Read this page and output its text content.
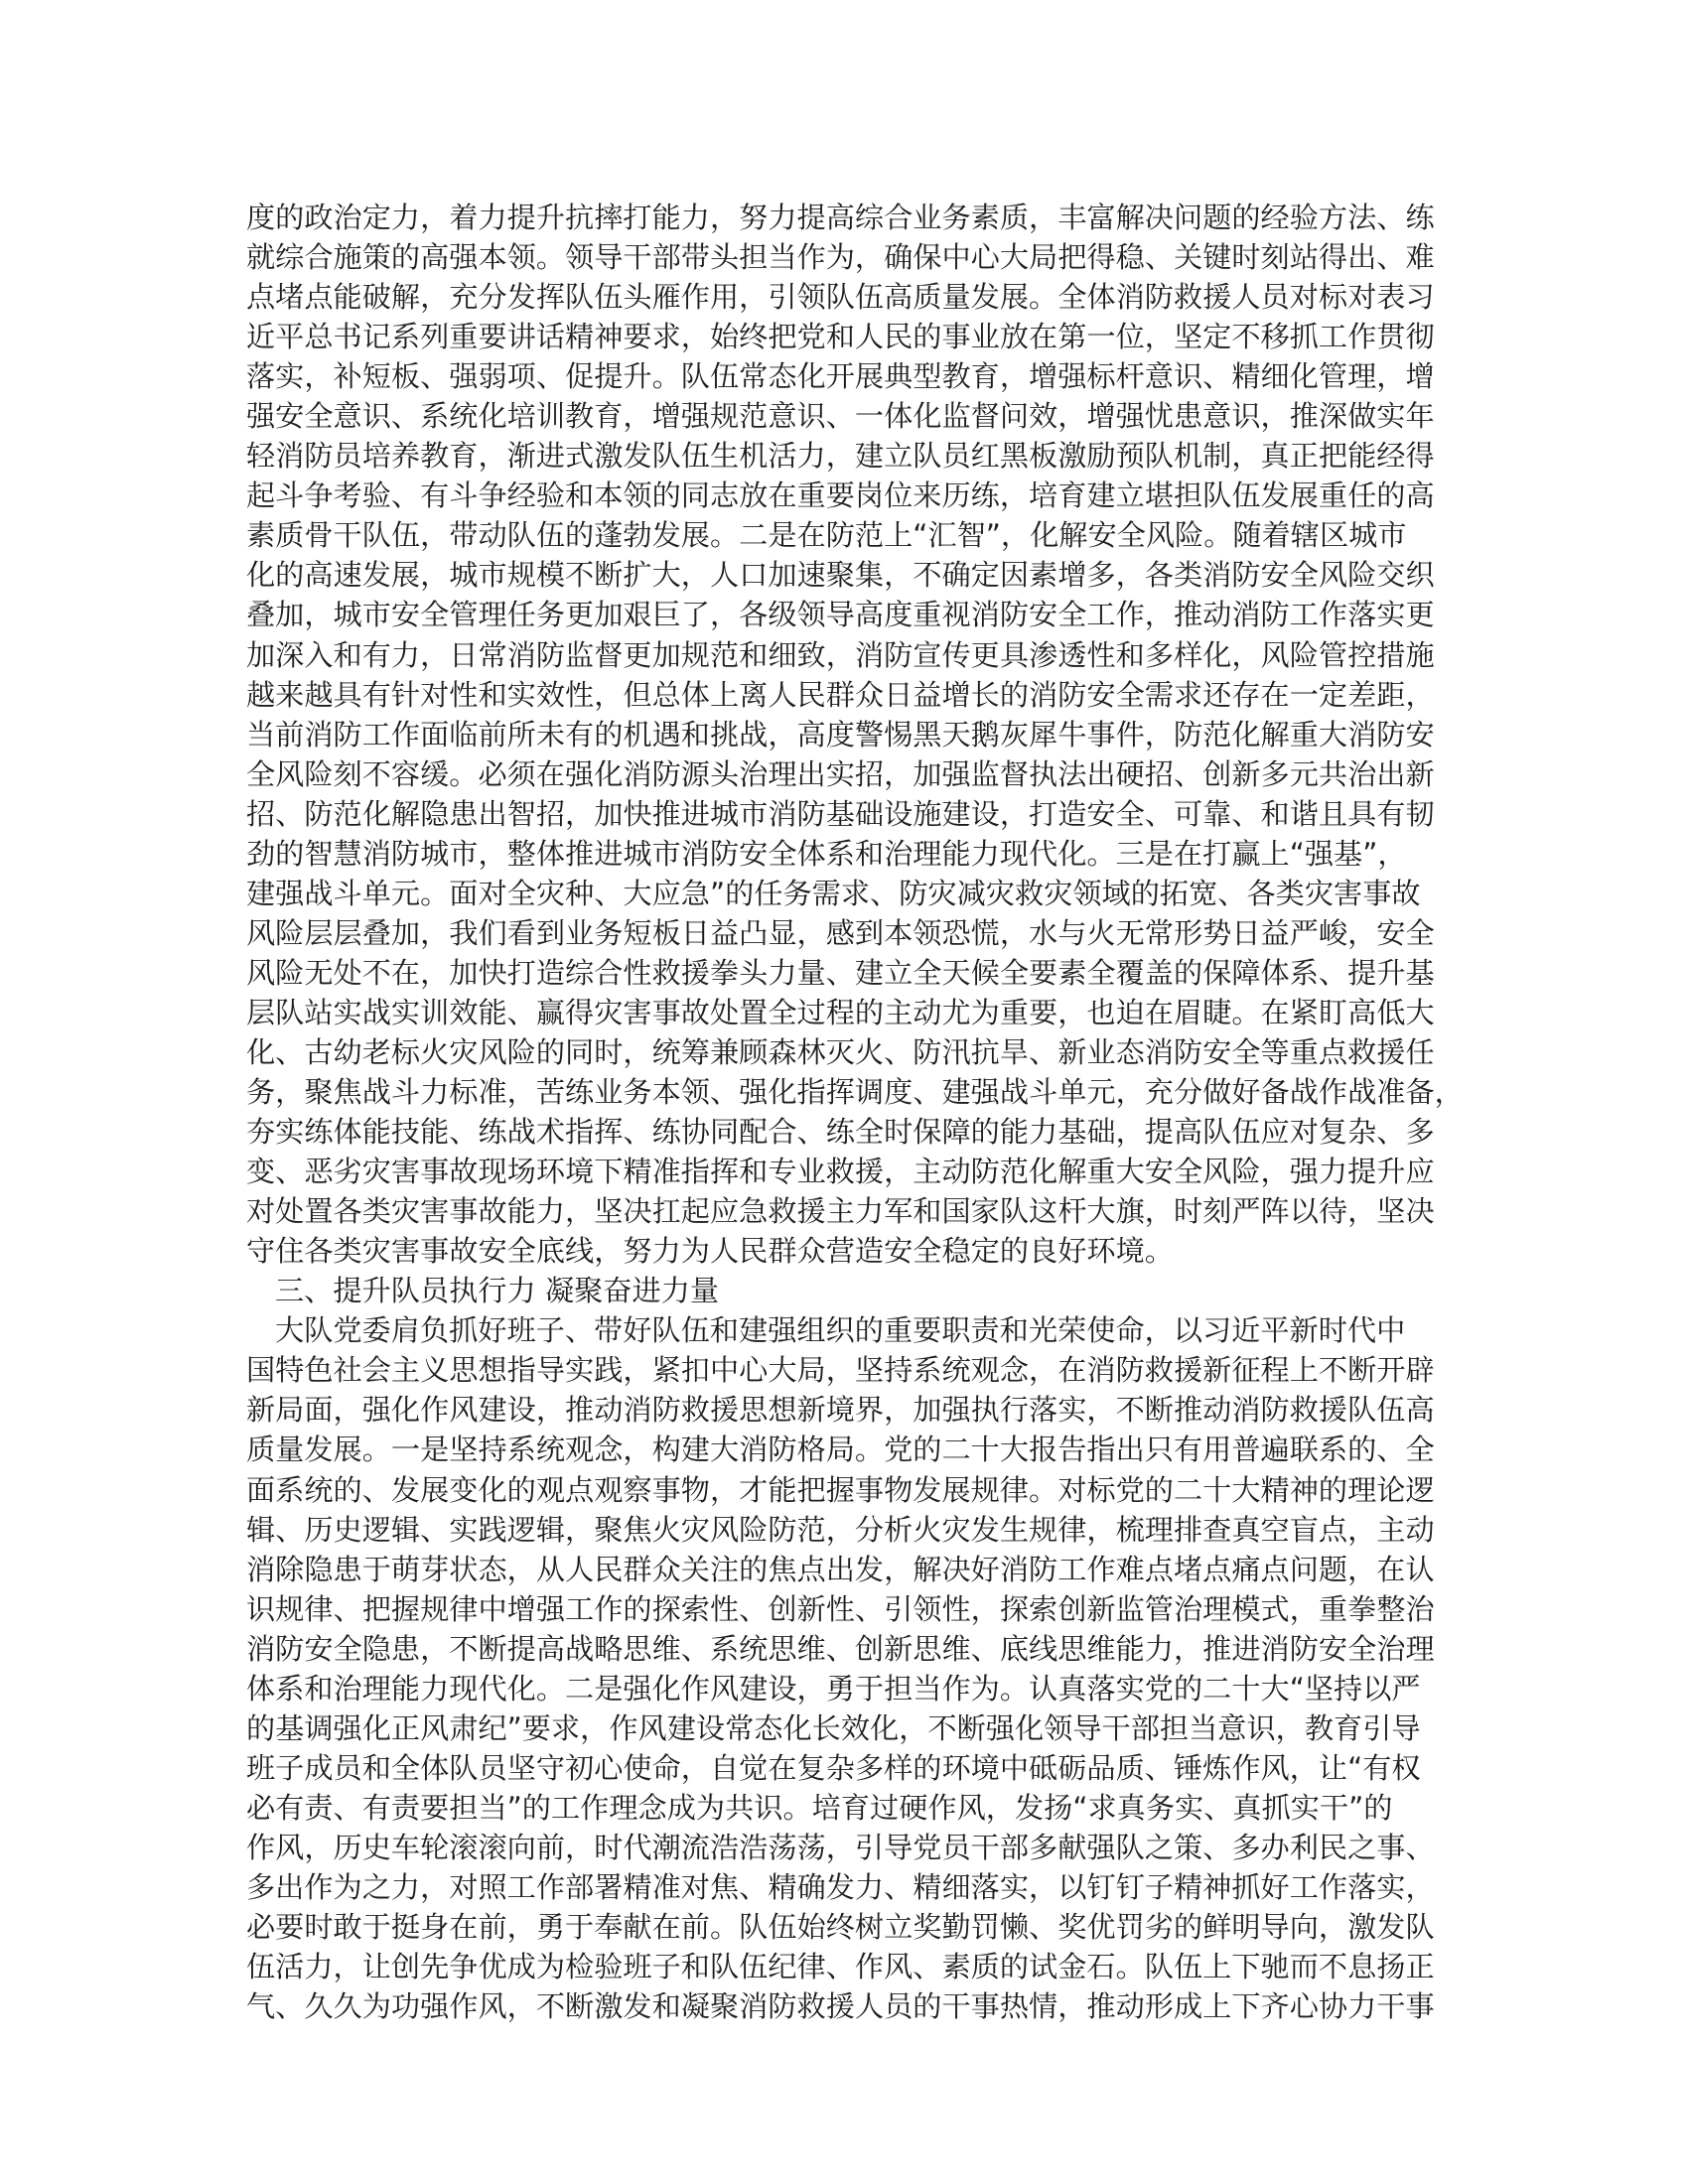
度的政治定力，着力提升抗摔打能力，努力提高综合业务素质，丰富解决问题的经验方法、练
就综合施策的高强本领。领导干部带头担当作为，确保中心大局把得稳、关键时刻站得出、难
点堵点能破解，充分发挥队伍头雁作用，引领队伍高质量发展。全体消防救援人员对标对表习
近平总书记系列重要讲话精神要求，始终把党和人民的事业放在第一位，坚定不移抓工作贯彻
落实，补短板、强弱项、促提升。队伍常态化开展典型教育，增强标杆意识、精细化管理，增
强安全意识、系统化培训教育，增强规范意识、一体化监督问效，增强忧患意识，推深做实年
轻消防员培养教育，渐进式激发队伍生机活力，建立队员红黑板激励预队机制，真正把能经得
起斗争考验、有斗争经验和本领的同志放在重要岗位来历练，培育建立堪担队伍发展重任的高
素质骨干队伍，带动队伍的蓬勃发展。二是在防范上“汇智”，化解安全风险。随着辖区城市
化的高速发展，城市规模不断扩大，人口加速聚集，不确定因素增多，各类消防安全风险交织
叠加，城市安全管理任务更加艰巨了，各级领导高度重视消防安全工作，推动消防工作落实更
加深入和有力，日常消防监督更加规范和细致，消防宣传更具渗透性和多样化，风险管控措施
越来越具有针对性和实效性，但总体上离人民群众日益增长的消防安全需求还存在一定差距，
当前消防工作面临前所未有的机遇和挑战，高度警惕黑天鹅灰犀牛事件，防范化解重大消防安
全风险刻不容缓。必须在强化消防源头治理出实招，加强监督执法出硬招、创新多元共治出新
招、防范化解隐患出智招，加快推进城市消防基础设施建设，打造安全、可靠、和谐且具有韧
劲的智慧消防城市，整体推进城市消防安全体系和治理能力现代化。三是在打赢上“强基”，
建强战斗单元。面对全灾种、大应急”的任务需求、防灾减灾救灾领域的拓宽、各类灾害事故
风险层层叠加，我们看到业务短板日益凸显，感到本领恐慌，水与火无常形势日益严峻，安全
风险无处不在，加快打造综合性救援拳头力量、建立全天候全要素全覆盖的保障体系、提升基
层队站实战实训效能、赢得灾害事故处置全过程的主动尤为重要，也迫在眉睫。在紧盯高低大
化、古幼老标火灾风险的同时，统筹兼顾森林灭火、防汛抗旱、新业态消防安全等重点救援任
务，聚焦战斗力标准，苦练业务本领、强化指挥调度、建强战斗单元，充分做好备战作战准备，
夯实练体能技能、练战术指挥、练协同配合、练全时保障的能力基础，提高队伍应对复杂、多
变、恶劣灾害事故现场环境下精准指挥和专业救援，主动防范化解重大安全风险，强力提升应
对处置各类灾害事故能力，坚决扛起应急救援主力军和国家队这杆大旗，时刻严阵以待，坚决
守住各类灾害事故安全底线，努力为人民群众营造安全稳定的良好环境。
三、提升队员执行力 凝聚奋进力量
大队党委肩负抓好班子、带好队伍和建强组织的重要职责和光荣使命，以习近平新时代中
国特色社会主义思想指导实践，紧扣中心大局，坚持系统观念，在消防救援新征程上不断开辟
新局面，强化作风建设，推动消防救援思想新境界，加强执行落实，不断推动消防救援队伍高
质量发展。一是坚持系统观念，构建大消防格局。党的二十大报告指出只有用普遍联系的、全
面系统的、发展变化的观点观察事物，才能把握事物发展规律。对标党的二十大精神的理论逻
辑、历史逻辑、实践逻辑，聚焦火灾风险防范，分析火灾发生规律，梳理排查真空盲点，主动
消除隐患于萌芽状态，从人民群众关注的焦点出发，解决好消防工作难点堵点痛点问题，在认
识规律、把握规律中增强工作的探索性、创新性、引领性，探索创新监管治理模式，重拳整治
消防安全隐患，不断提高战略思维、系统思维、创新思维、底线思维能力，推进消防安全治理
体系和治理能力现代化。二是强化作风建设，勇于担当作为。认真落实党的二十大“坚持以严
的基调强化正风肃纪”要求，作风建设常态化长效化，不断强化领导干部担当意识，教育引导
班子成员和全体队员坚守初心使命，自觉在复杂多样的环境中砥砺品质、锤炼作风，让“有权
必有责、有责要担当”的工作理念成为共识。培育过硬作风，发扬“求真务实、真抓实干”的
作风，历史车轮滚滚向前，时代潮流浩浩荡荡，引导党员干部多献强队之策、多办利民之事、
多出作为之力，对照工作部署精准对焦、精确发力、精细落实，以钉钉子精神抓好工作落实，
必要时敢于挺身在前，勇于奉献在前。队伍始终树立奖勤罚懒、奖优罚劣的鲜明导向，激发队
伍活力，让创先争优成为检验班子和队伍纪律、作风、素质的试金石。队伍上下驰而不息扬正
气、久久为功强作风，不断激发和凝聚消防救援人员的干事热情，推动形成上下齐心协力干事
